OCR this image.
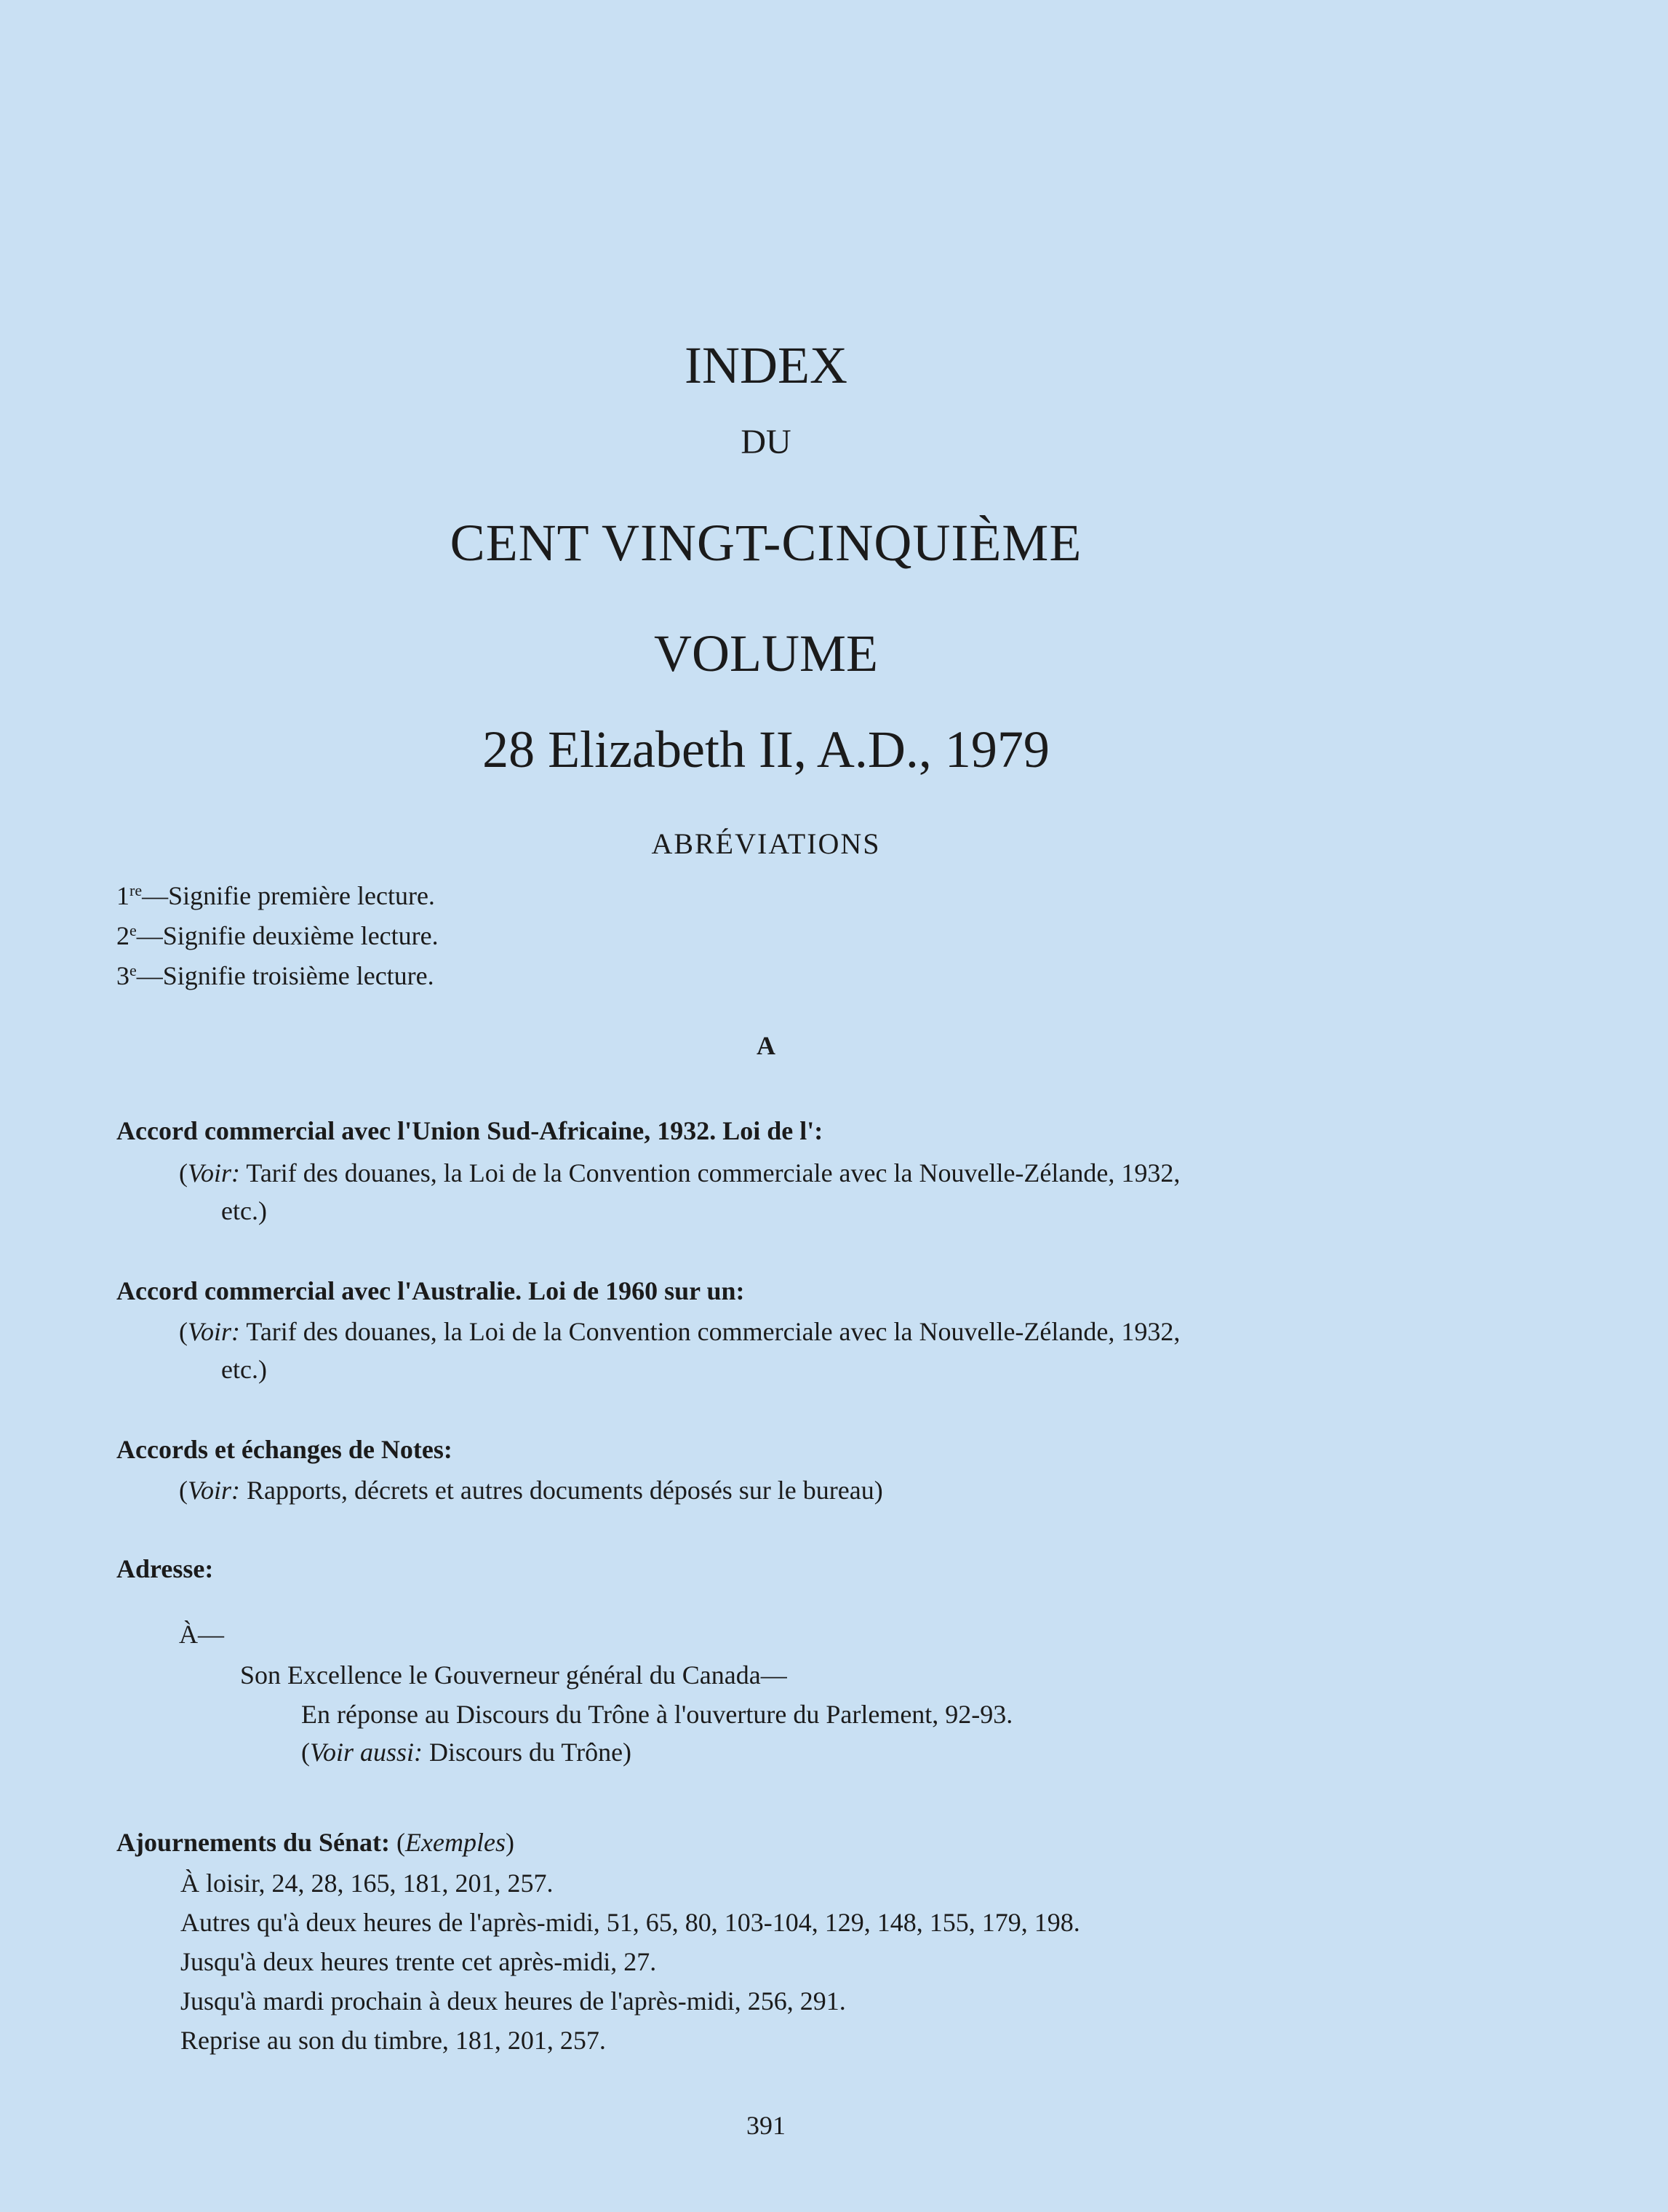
INDEX
DU
CENT VINGT-CINQUIÈME
VOLUME
28 Elizabeth II, A.D., 1979
ABRÉVIATIONS
1re—Signifie première lecture.
2e—Signifie deuxième lecture.
3e—Signifie troisième lecture.
A
Accord commercial avec l'Union Sud-Africaine, 1932. Loi de l':
(Voir: Tarif des douanes, la Loi de la Convention commerciale avec la Nouvelle-Zélande, 1932,
etc.)
Accord commercial avec l'Australie. Loi de 1960 sur un:
(Voir: Tarif des douanes, la Loi de la Convention commerciale avec la Nouvelle-Zélande, 1932,
etc.)
Accords et échanges de Notes:
(Voir: Rapports, décrets et autres documents déposés sur le bureau)
Adresse:
À—
Son Excellence le Gouverneur général du Canada—
En réponse au Discours du Trône à l'ouverture du Parlement, 92-93.
(Voir aussi: Discours du Trône)
Ajournements du Sénat: (Exemples)
À loisir, 24, 28, 165, 181, 201, 257.
Autres qu'à deux heures de l'après-midi, 51, 65, 80, 103-104, 129, 148, 155, 179, 198.
Jusqu'à deux heures trente cet après-midi, 27.
Jusqu'à mardi prochain à deux heures de l'après-midi, 256, 291.
Reprise au son du timbre, 181, 201, 257.
391
